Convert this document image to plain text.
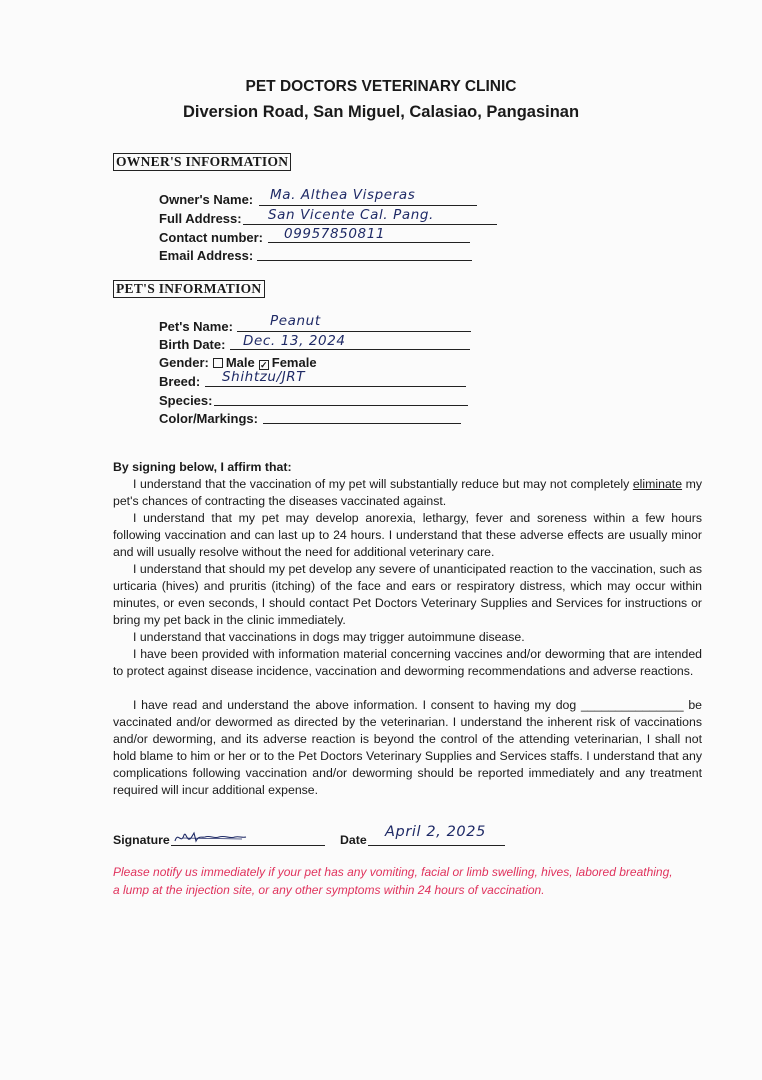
PET DOCTORS VETERINARY CLINIC
Diversion Road, San Miguel, Calasiao, Pangasinan
OWNER'S INFORMATION
Owner's Name: Ma. Althea Visperas
Full Address: San Vicente Cal. Pang.
Contact number: 09957850811
Email Address:
PET'S INFORMATION
Pet's Name:	Peanut
Birth Date: Dec. 13, 2024
Gender: Male✓ Female
Breed: Shihtzu/JRT
Species:
Color/Markings:
By signing below, I affirm that:

I understand that the vaccination of my pet will substantially reduce but may not completely eliminate my pet's chances of contracting the diseases vaccinated against.

I understand that my pet may develop anorexia, lethargy, fever and soreness within a few hours following vaccination and can last up to 24 hours. I understand that these adverse effects are usually minor and will usually resolve without the need for additional veterinary care.

I understand that should my pet develop any severe of unanticipated reaction to the vaccination, such as urticaria (hives) and pruritis (itching) of the face and ears or respiratory distress, which may occur within minutes, or even seconds, I should contact Pet Doctors Veterinary Supplies and Services for instructions or bring my pet back in the clinic immediately.

I understand that vaccinations in dogs may trigger autoimmune disease.

I have been provided with information material concerning vaccines and/or deworming that are intended to protect against disease incidence, vaccination and deworming recommendations and adverse reactions.

I have read and understand the above information. I consent to having my dog _______________ be vaccinated and/or dewormed as directed by the veterinarian. I understand the inherent risk of vaccinations and/or deworming, and its adverse reaction is beyond the control of the attending veterinarian, I shall not hold blame to him or her or to the Pet Doctors Veterinary Supplies and Services staffs. I understand that any complications following vaccination and/or deworming should be reported immediately and any treatment required will incur additional expense.

Signature	Date April 2, 2025
Please notify us immediately if your pet has any vomiting, facial or limb swelling, hives, labored breathing, a lump at the injection site, or any other symptoms within 24 hours of vaccination.
